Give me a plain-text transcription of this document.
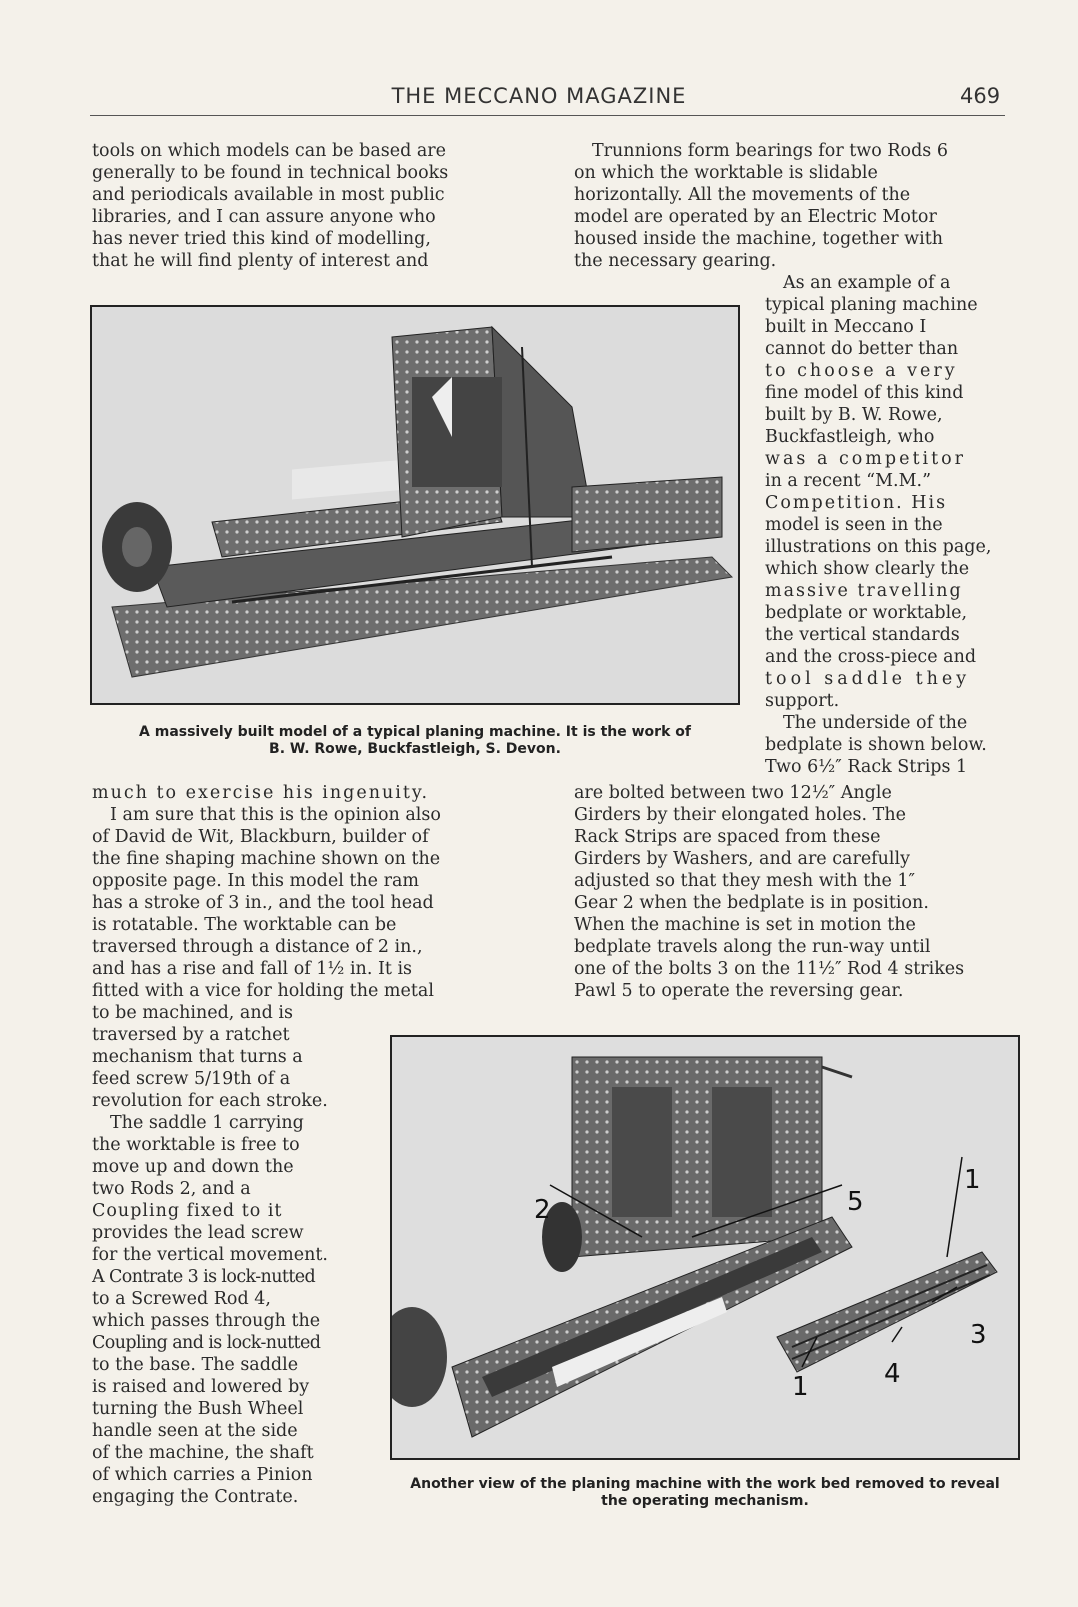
THE MECCANO MAGAZINE	469

tools on which models can be based are

generally to be found in technical books

and periodicals available in most public

libraries, and I can assure anyone who

has never tried this kind of modelling,

that he will find plenty of interest and

Trunnions form bearings for two Rods 6

on which the worktable is slidable

horizontally. All the movements of the

model are operated by an Electric Motor

housed inside the machine, together with

the necessary gearing.

A massively built model of a typical planing machine. It is the work of
B. W. Rowe, Buckfastleigh, S. Devon.

As an example of a

typical planing machine

built in Meccano I

cannot do better than

to choose a very

fine model of this kind

built by B. W. Rowe,

Buckfastleigh, who

was a competitor

in a recent “M.M.”

Competition. His

model is seen in the

illustrations on this page,

which show clearly the

massive travelling

bedplate or worktable,

the vertical standards

and the cross-piece and

tool saddle they

support.

The underside of the

bedplate is shown below.

Two 6½″ Rack Strips 1

much to exercise his ingenuity.

I am sure that this is the opinion also

of David de Wit, Blackburn, builder of

the fine shaping machine shown on the

opposite page. In this model the ram

has a stroke of 3 in., and the tool head

is rotatable. The worktable can be

traversed through a distance of 2 in.,

and has a rise and fall of 1½ in. It is

fitted with a vice for holding the metal

are bolted between two 12½″ Angle

Girders by their elongated holes. The

Rack Strips are spaced from these

Girders by Washers, and are carefully

adjusted so that they mesh with the 1″

Gear 2 when the bedplate is in position.

When the machine is set in motion the

bedplate travels along the run-way until

one of the bolts 3 on the 11½″ Rod 4 strikes

Pawl 5 to operate the reversing gear.

to be machined, and is

traversed by a ratchet

mechanism that turns a

feed screw 5/19th of a

revolution for each stroke.

The saddle 1 carrying

the worktable is free to

move up and down the

two Rods 2, and a

Coupling fixed to it

provides the lead screw

for the vertical movement.

A Contrate 3 is lock-nutted

to a Screwed Rod 4,

which passes through the

Coupling and is lock-nutted

to the base. The saddle

is raised and lowered by

turning the Bush Wheel

handle seen at the side

of the machine, the shaft

of which carries a Pinion

engaging the Contrate.

2	5
1
3
4
1
Another view of the planing machine with the work bed removed to reveal
the operating mechanism.
